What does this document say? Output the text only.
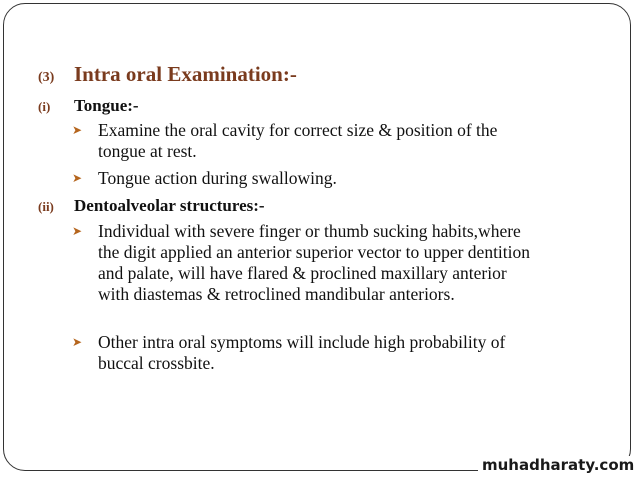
(3) Intra oral Examination:-
(i)	Tongue:-
➤ Examine the oral cavity for correct size & position of the tongue at rest.
➤ Tongue action during swallowing.
(ii)	Dentoalveolar structures:-
➤ Individual with severe finger or thumb sucking habits,where the digit applied an anterior superior vector to upper dentition and palate, will have flared & proclined maxillary anterior with diastemas & retroclined mandibular anteriors.
➤ Other intra oral symptoms will include high probability of buccal crossbite.
muhadharaty.com
